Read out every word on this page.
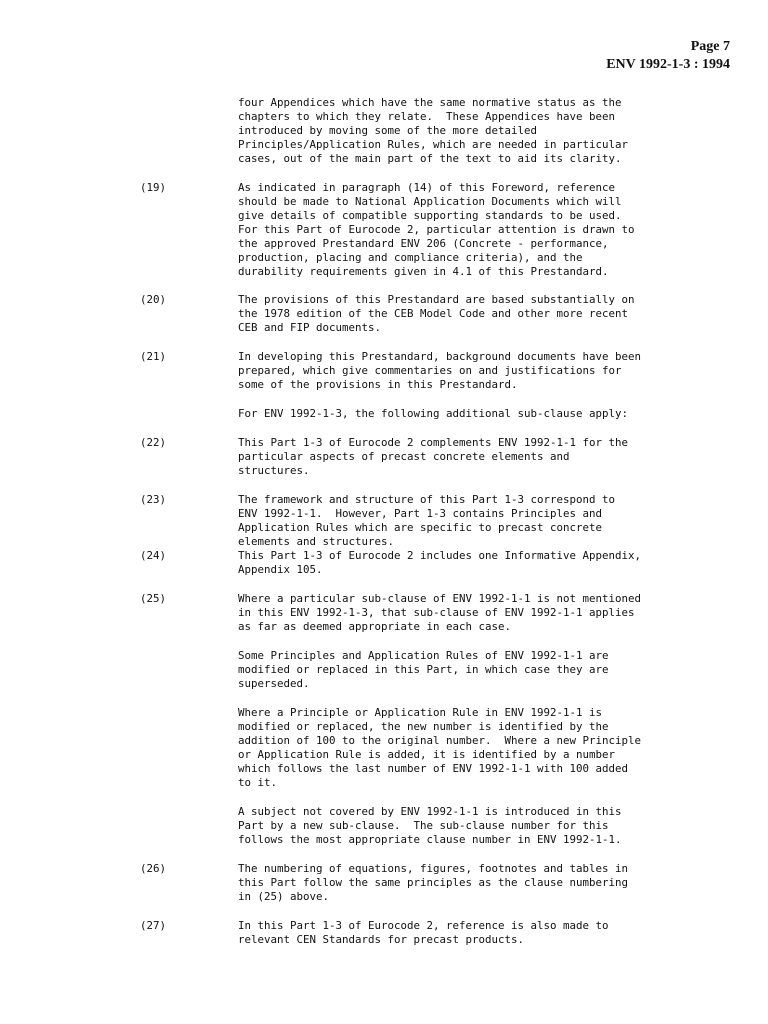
Page 7
ENV 1992-1-3 : 1994
four Appendices which have the same normative status as the
chapters to which they relate.  These Appendices have been
introduced by moving some of the more detailed
Principles/Application Rules, which are needed in particular
cases, out of the main part of the text to aid its clarity.
(19)	As indicated in paragraph (14) of this Foreword, reference
should be made to National Application Documents which will
give details of compatible supporting standards to be used.
For this Part of Eurocode 2, particular attention is drawn to
the approved Prestandard ENV 206 (Concrete - performance,
production, placing and compliance criteria), and the
durability requirements given in 4.1 of this Prestandard.
(20)	The provisions of this Prestandard are based substantially on
the 1978 edition of the CEB Model Code and other more recent
CEB and FIP documents.
(21)	In developing this Prestandard, background documents have been
prepared, which give commentaries on and justifications for
some of the provisions in this Prestandard.
For ENV 1992-1-3, the following additional sub-clause apply:
(22)	This Part 1-3 of Eurocode 2 complements ENV 1992-1-1 for the
particular aspects of precast concrete elements and
structures.
(23)	The framework and structure of this Part 1-3 correspond to
ENV 1992-1-1.  However, Part 1-3 contains Principles and
Application Rules which are specific to precast concrete
elements and structures.
(24)	This Part 1-3 of Eurocode 2 includes one Informative Appendix,
Appendix 105.
(25)	Where a particular sub-clause of ENV 1992-1-1 is not mentioned
in this ENV 1992-1-3, that sub-clause of ENV 1992-1-1 applies
as far as deemed appropriate in each case.
Some Principles and Application Rules of ENV 1992-1-1 are
modified or replaced in this Part, in which case they are
superseded.
Where a Principle or Application Rule in ENV 1992-1-1 is
modified or replaced, the new number is identified by the
addition of 100 to the original number.  Where a new Principle
or Application Rule is added, it is identified by a number
which follows the last number of ENV 1992-1-1 with 100 added
to it.
A subject not covered by ENV 1992-1-1 is introduced in this
Part by a new sub-clause.  The sub-clause number for this
follows the most appropriate clause number in ENV 1992-1-1.
(26)	The numbering of equations, figures, footnotes and tables in
this Part follow the same principles as the clause numbering
in (25) above.
(27)	In this Part 1-3 of Eurocode 2, reference is also made to
relevant CEN Standards for precast products.
